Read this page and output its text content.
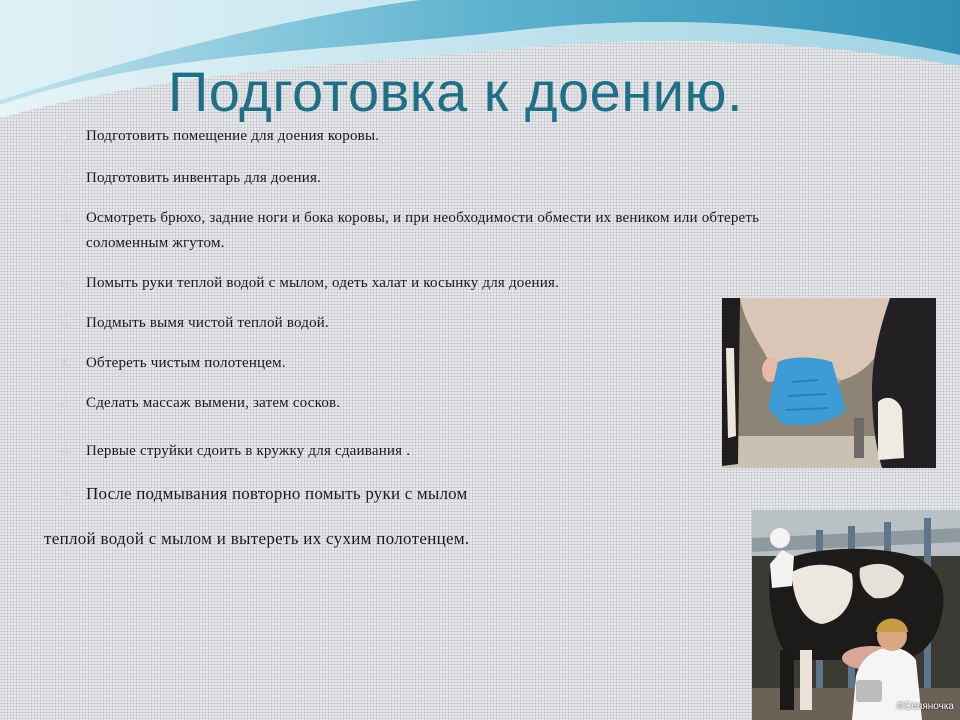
Подготовка к доению.
1. Подготовить помещение для доения коровы.
2. Подготовить инвентарь для доения.
3. Осмотреть брюхо, задние ноги и бока коровы, и при необходимости обмести их веником или обтереть соломенным жгутом.
4. Помыть руки теплой водой с мылом, одеть халат и косынку для доения.
5. Подмыть вымя чистой теплой водой.
6. Обтереть чистым полотенцем.
7. Сделать массаж вымени, затем сосков.
8. Первые струйки сдоить в кружку для сдаивания .
9. После подмывания повторно помыть руки с мылом

теплой водой с мылом и вытереть их сухим полотенцем.

©Селяночка
